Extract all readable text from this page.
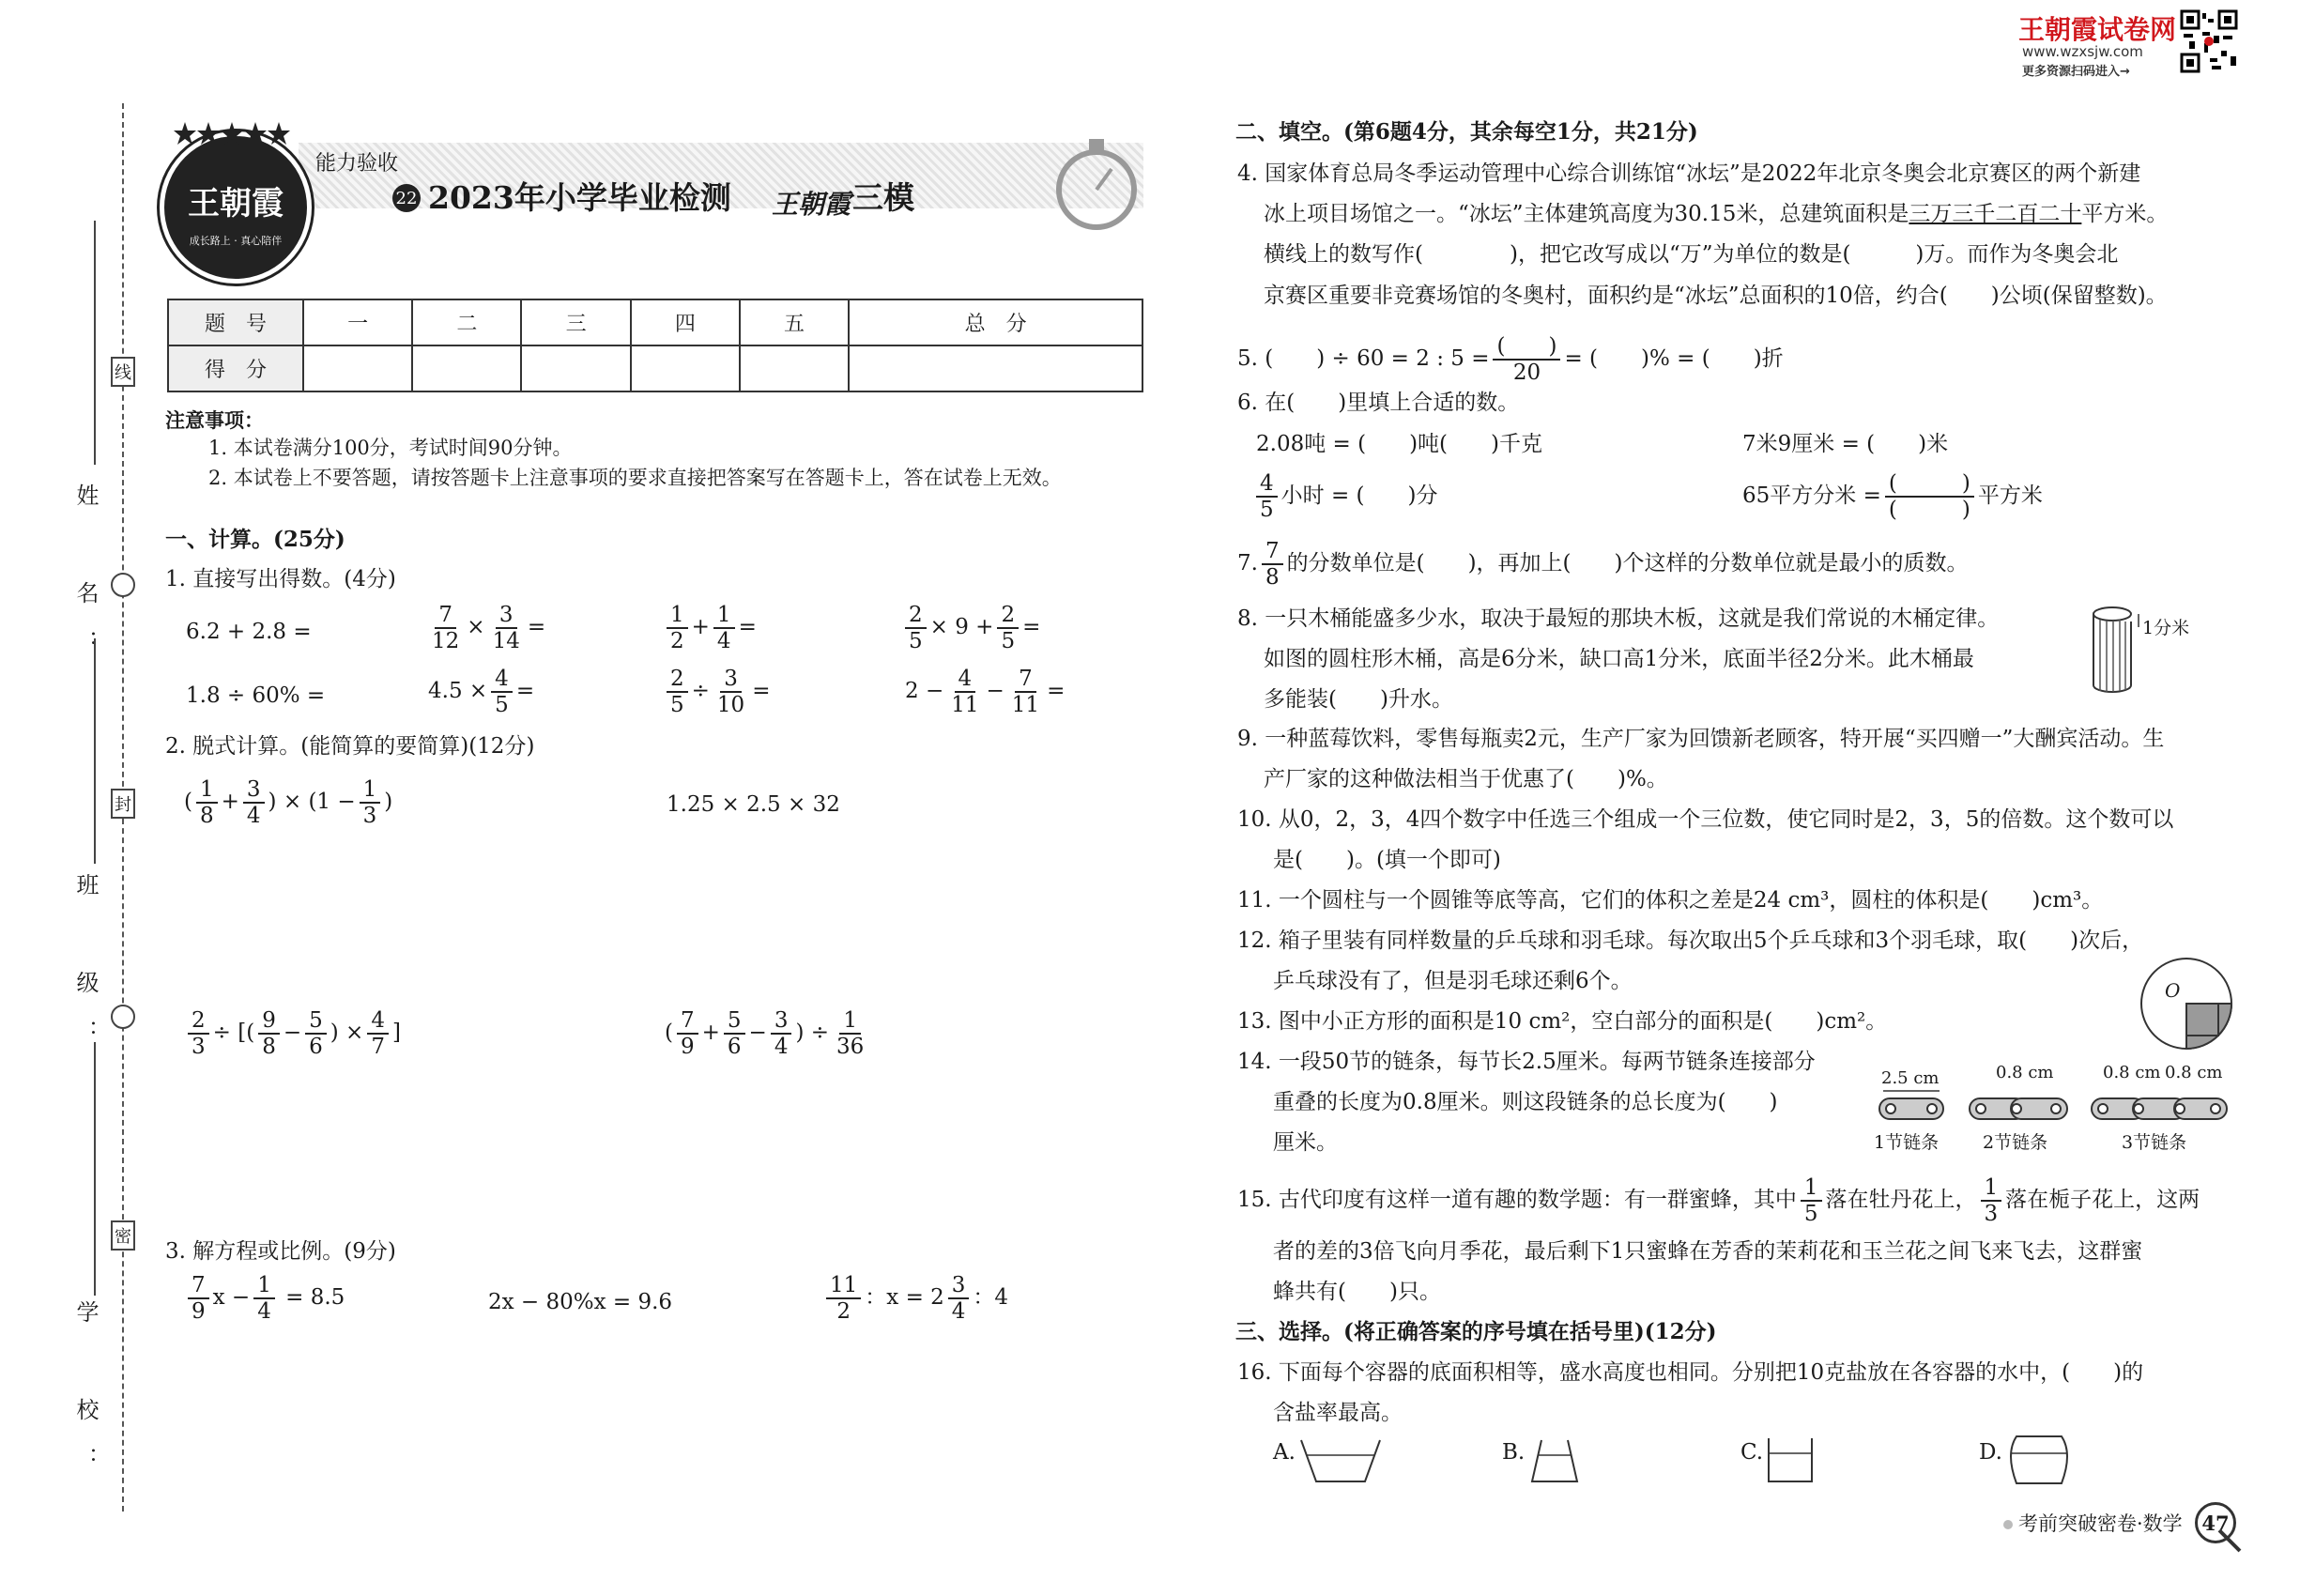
王朝霞试卷网
www.wzxsjw.com
更多资源扫码进入→
姓　名：
班　级：
学　校：
线
封
密
王朝霞
成长路上 · 真心陪伴
能力验收
22 2023年小学毕业检测 王朝霞 三模
题　号	一	二	三	四	五	总　分
得　分						
注意事项：
1. 本试卷满分100分，考试时间90分钟。
2. 本试卷上不要答题，请按答题卡上注意事项的要求直接把答案写在答题卡上，答在试卷上无效。
一、计算。(25分)
1. 直接写出得数。(4分)
6.2 + 2.8 =	$\frac{7}{12} \times \frac{3}{14}$ =	$\frac{1}{2} + \frac{1}{4}$ =	$\frac{2}{5} \times 9 + \frac{2}{5}$ =
1.8 ÷ 60% =	$4.5 \times \frac{4}{5}$ =	$\frac{2}{5} \div \frac{3}{10}$ =	$2 - \frac{4}{11} - \frac{7}{11}$ =
2. 脱式计算。(能简算的要简算)(12分)
( $\frac{1}{8} + \frac{3}{4}$ ) × ($1 - \frac{1}{3}$ )	1.25 × 2.5 × 32
$\frac{2}{3}$ ÷ [( $\frac{9}{8} - \frac{5}{6}$ ) × $\frac{4}{7}$ ]	( $\frac{7}{9} + \frac{5}{6} - \frac{3}{4}$ ) ÷ $\frac{1}{36}$
3. 解方程或比例。(9分)
$\frac{7}{9}$ $x - \frac{1}{4} = 8.5$	2x − 80%x = 9.6	$\frac{11}{2}$ ：$x = 2 \frac{3}{4}$ ：4
二、填空。(第6题4分，其余每空1分，共21分)
4. 国家体育总局冬季运动管理中心综合训练馆“冰坛”是2022年北京冬奥会北京赛区的两个新建
冰上项目场馆之一。“冰坛”主体建筑高度为30.15米，总建筑面积是三万三千二百二十平方米。
横线上的数写作(　　　　)，把它改写成以“万”为单位的数是(　　　)万。而作为冬奥会北
京赛区重要非竞赛场馆的冬奥村，面积约是“冰坛”总面积的10倍，约合(　　)公顷(保留整数)。
5. (　　) ÷ 60 = 2 : $5 = \frac{( )}{20}$ = (　　)% = (　　)折
6. 在(　　)里填上合适的数。
2.08吨 = (　　)吨(　　)千克	7米9厘米 = (　　)米
$\frac{4}{5}$ 小时 = (　　)分	65平方分米 = $\frac{( )}{( )}$ 平方米
7. $\frac{7}{8}$ 的分数单位是(　　)，再加上(　　)个这样的分数单位就是最小的质数。
8. 一只木桶能盛多少水，取决于最短的那块木板，这就是我们常说的木桶定律。
如图的圆柱形木桶，高是6分米，缺口高1分米，底面半径2分米。此木桶最
多能装(　　)升水。
1分米
9. 一种蓝莓饮料，零售每瓶卖2元，生产厂家为回馈新老顾客，特开展“买四赠一”大酬宾活动。生
产厂家的这种做法相当于优惠了(　　)%。
10. 从0，2，3，4四个数字中任选三个组成一个三位数，使它同时是2，3，5的倍数。这个数可以
是(　　)。(填一个即可)
11. 一个圆柱与一个圆锥等底等高，它们的体积之差是24 cm³，圆柱的体积是(　　)cm³。
12. 箱子里装有同样数量的乒乓球和羽毛球。每次取出5个乒乓球和3个羽毛球，取(　　)次后，
乒乓球没有了，但是羽毛球还剩6个。	O
13. 图中小正方形的面积是10 cm²，空白部分的面积是(　　)cm²。
14. 一段50节的链条，每节长2.5厘米。每两节链条连接部分
重叠的长度为0.8厘米。则这段链条的总长度为(　　)
厘米。
2.5 cm
1节链条
0.8 cm
2节链条
0.8 cm 0.8 cm
3节链条
15. 古代印度有这样一道有趣的数学题：有一群蜜蜂，其中 $\frac{1}{5}$ 落在牡丹花上， $\frac{1}{3}$ 落在栀子花上，这两
者的差的3倍飞向月季花，最后剩下1只蜜蜂在芳香的茉莉花和玉兰花之间飞来飞去，这群蜜
蜂共有(　　)只。
三、选择。(将正确答案的序号填在括号里)(12分)
16. 下面每个容器的底面积相等，盛水高度也相同。分别把10克盐放在各容器的水中，(　　)的
含盐率最高。
A.	B.	C.	D.
考前突破密卷·数学 47
